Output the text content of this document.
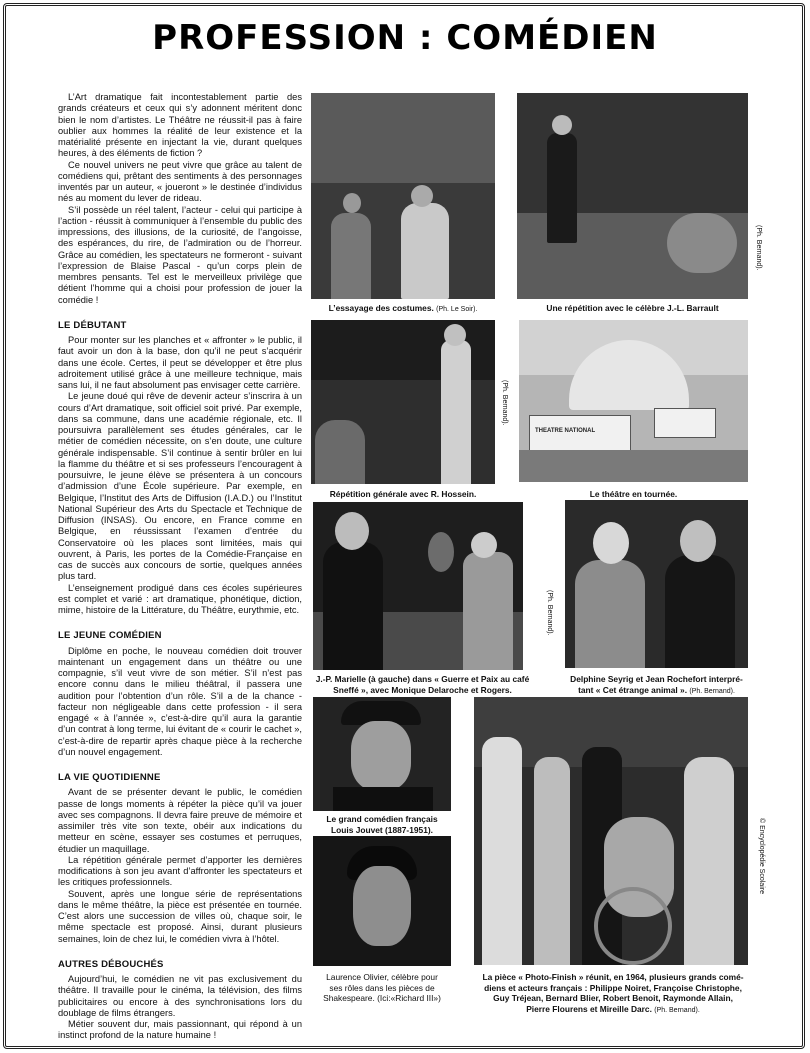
PROFESSION : COMÉDIEN

L’Art dramatique fait incontestablement partie des grands créateurs et ceux qui s’y adonnent méritent donc bien le nom d’artistes. Le Théâtre ne réussit-il pas à faire oublier aux hommes la réalité de leur existence et la matérialité présente en injectant la vie, durant quelques heures, à des éléments de fiction ?

Ce nouvel univers ne peut vivre que grâce au talent de comédiens qui, prêtant des sentiments à des personnages inventés par un auteur, « joueront » le destinée d’individus nés au moment du lever de rideau.

S’il possède un réel talent, l’acteur - celui qui participe à l’action - réussit à communiquer à l’ensemble du public des impressions, des illusions, de la curiosité, de l’angoisse, des espérances, du rire, de l’admiration ou de l’horreur. Grâce au comédien, les spectateurs ne formeront - suivant l’expression de Blaise Pascal - qu’un corps plein de membres pensants. Tel est le merveilleux privilège que détient l’homme qui a choisi pour profession de jouer la comédie !

LE DÉBUTANT

Pour monter sur les planches et « affronter » le public, il faut avoir un don à la base, don qu’il ne peut s’acquérir dans une école. Certes, il peut se développer et être plus adroitement utilisé grâce à une meilleure technique, mais sans lui, il ne faut absolument pas envisager cette carrière.

Le jeune doué qui rêve de devenir acteur s’inscrira à un cours d’Art dramatique, soit officiel soit privé. Par exemple, dans sa commune, dans une académie régionale, etc. Il poursuivra parallèlement ses études générales, car le métier de comédien nécessite, on s’en doute, une culture générale indispensable. S’il continue à sentir brûler en lui la flamme du théâtre et si ses professeurs l’encouragent à poursuivre, le jeune élève se présentera à un concours d’admission d’une École supérieure. Par exemple, en Belgique, l’Institut des Arts de Diffusion (I.A.D.) ou l’Institut National Supérieur des Arts du Spectacle et Technique de Diffusion (INSAS). Ou encore, en France comme en Belgique, en réussissant l’examen d’entrée du Conservatoire où les places sont limitées, mais qui ouvrent, à Paris, les portes de la Comédie-Française en cas de succès aux concours de sortie, quelques années plus tard.

L’enseignement prodigué dans ces écoles supérieures est complet et varié : art dramatique, phonétique, diction, mime, histoire de la Littérature, du Théâtre, eurythmie, etc.

LE JEUNE COMÉDIEN

Diplôme en poche, le nouveau comédien doit trouver maintenant un engagement dans un théâtre ou une compagnie, s’il veut vivre de son métier. S’il n’est pas encore connu dans le milieu théâtral, il passera une audition pour l’obtention d’un rôle. S’il a de la chance - facteur non négligeable dans cette profession - il sera engagé « à l’année », c’est-à-dire qu’il aura la garantie d’un contrat à long terme, lui évitant de « courir le cachet », c’est-à-dire de repartir après chaque pièce à la recherche d’un nouvel engagement.

LA VIE QUOTIDIENNE

Avant de se présenter devant le public, le comédien passe de longs moments à répéter la pièce qu’il va jouer avec ses compagnons. Il devra faire preuve de mémoire et assimiler très vite son texte, obéir aux indications du metteur en scène, essayer ses costumes et perruques, étudier un maquillage.

La répétition générale permet d’apporter les dernières modifications à son jeu avant d’affronter les spectateurs et les critiques professionnels.

Souvent, après une longue série de représentations dans le même théâtre, la pièce est présentée en tournée. C’est alors une succession de villes où, chaque soir, le même spectacle est proposé. Ainsi, durant plusieurs semaines, loin de chez lui, le comédien vivra à l’hôtel.

AUTRES DÉBOUCHÉS

Aujourd’hui, le comédien ne vit pas exclusivement du théâtre. Il travaille pour le cinéma, la télévision, des films publicitaires ou encore à des synchronisations lors du doublage de films étrangers.

Métier souvent dur, mais passionnant, qui répond à un instinct profond de la nature humaine !

L’essayage des costumes. (Ph. Le Soir).
(Ph. Bernand).
Une répétition avec le célèbre J.-L. Barrault
(Ph. Bernand).
Répétition générale avec R. Hossein.
THEATRE NATIONAL
Le théâtre en tournée.
(Ph. Bernand).
J.-P. Marielle (à gauche) dans « Guerre et Paix au café
Sneffé », avec Monique Delaroche et Rogers.
Delphine Seyrig et Jean Rochefort interpré-
tant « Cet étrange animal ». (Ph. Bernand).
Le grand comédien français
Louis Jouvet (1887-1951).
Laurence Olivier, célèbre pour
ses rôles dans les pièces de
Shakespeare. (Ici:«Richard III»)
© Encyclopédie Scolaire
La pièce « Photo-Finish » réunit, en 1964, plusieurs grands comé-
diens et acteurs français : Philippe Noiret, Françoise Christophe,
Guy Tréjean, Bernard Blier, Robert Benoit, Raymonde Allain,
Pierre Flourens et Mireille Darc. (Ph. Bernand).
